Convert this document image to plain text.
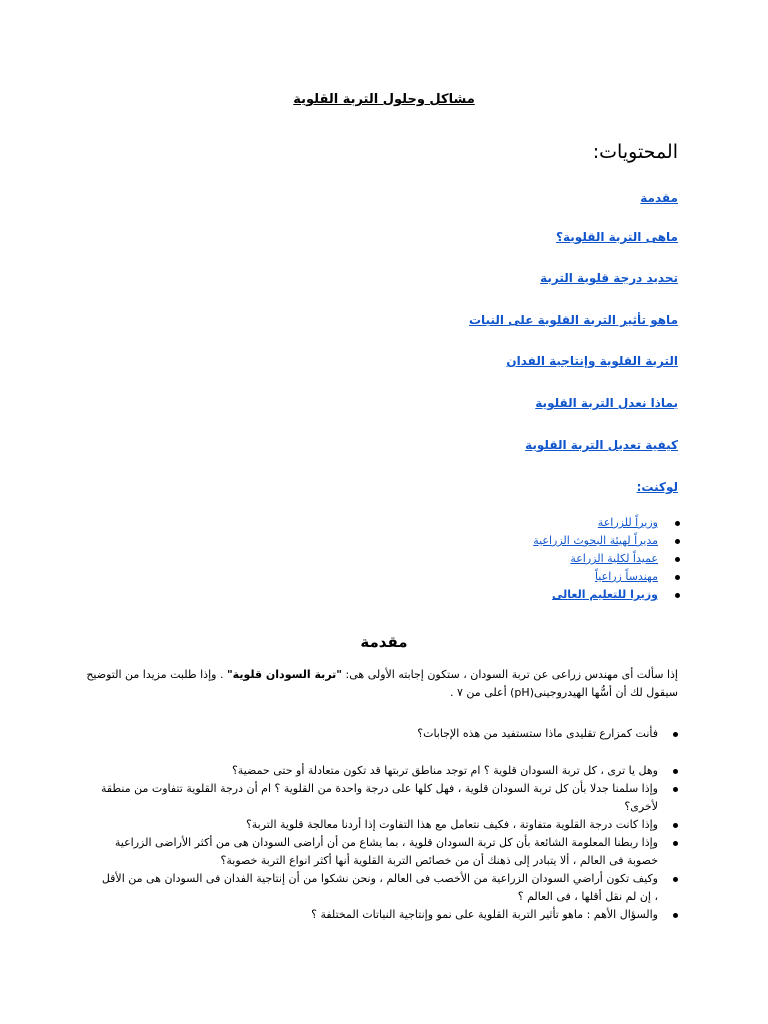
مشاكل وحلول التربة القلوية
المحتويات:
مقدمة
ماهى التربة القلوية؟
تحديد درجة قلوية التربة
ماهو تأثير التربة القلوية على النبات
التربة القلوية وإنتاجية الفدان
بماذا نعدل التربة القلوية
كيفية تعديل التربة القلوية
لوكنت:
وزيراً للزراعة
مديراً لهيئة البحوث الزراعية
عميداً لكلية الزراعة
مهندساً زراعياً
وزيرا للتعليم العالى
مقدمة

إذا سألت أى مهندس زراعى عن تربة السودان ، ستكون إجابته الأولى هى: "تربة السودان قلوية" . وإذا طلبت مزيدا من التوضيح سيقول لك أن أسُّها الهيدروجينى(pH) أعلى من ٧ .

فأنت كمزارع تقليدى ماذا ستستفيد من هذه الإجابات؟
وهل يا ترى ، كل تربة السودان قلوية ؟ ام توجد مناطق تربتها قد تكون متعادلة أو حتى حمضية؟
وإذا سلمنا جدلا بأن كل تربة السودان قلوية ، فهل كلها على درجة واحدة من القلوية ؟ ام أن درجة القلوية تتفاوت من منطقة لأخرى؟
وإذا كانت درجة القلوية متفاوتة ، فكيف نتعامل مع هذا التفاوت إذا أردنا معالجة قلوية التربة؟
وإذا ربطنا المعلومة الشائعة بأن كل تربة السودان قلوية ، بما يشاع من أن أراضى السودان هى من أكثر الأراضى الزراعية خصوبة فى العالم ، ألا يتبادر إلى ذهنك أن من خصائص التربة القلوية أنها أكثر انواع التربة خصوبة؟
وكيف تكون أراضي السودان الزراعية من الأخصب فى العالم ، ونحن نشكوا من أن إنتاجية الفدان فى السودان هى من الأقل ، إن لم نقل أقلها ، فى العالم ؟
والسؤال الأهم : ماهو تأثير التربة القلوية على نمو وإنتاجية النباتات المختلفة ؟
